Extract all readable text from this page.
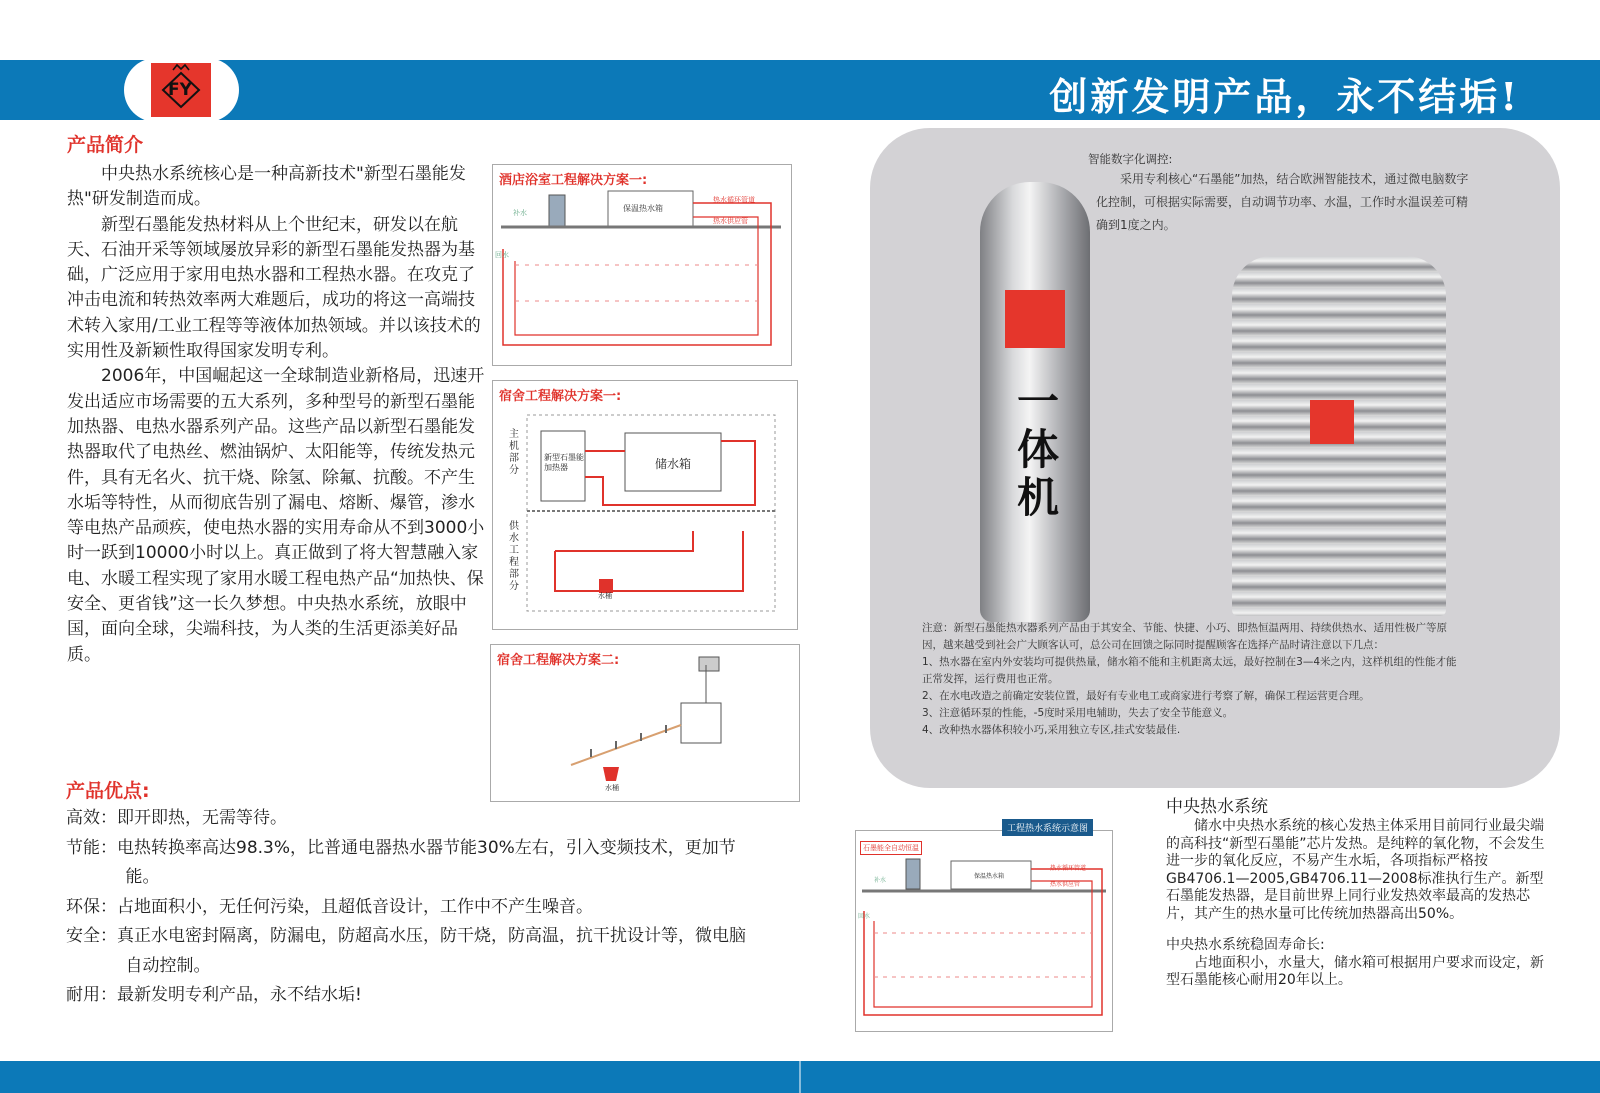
FY	创新发明产品，永不结垢!
产品简介

中央热水系统核心是一种高新技术"新型石墨能发热"研发制造而成。

新型石墨能发热材料从上个世纪末，研发以在航天、石油开采等领域屡放异彩的新型石墨能发热器为基础，广泛应用于家用电热水器和工程热水器。在攻克了冲击电流和转热效率两大难题后，成功的将这一高端技术转入家用/工业工程等等液体加热领域。并以该技术的实用性及新颖性取得国家发明专利。

2006年，中国崛起这一全球制造业新格局，迅速开发出适应市场需要的五大系列，多种型号的新型石墨能加热器、电热水器系列产品。这些产品以新型石墨能发热器取代了电热丝、燃油锅炉、太阳能等，传统发热元件，具有无名火、抗干烧、除氢、除氟、抗酸。不产生水垢等特性，从而彻底告别了漏电、熔断、爆管，渗水等电热产品顽疾，使电热水器的实用寿命从不到3000小时一跃到10000小时以上。真正做到了将大智慧融入家电、水暖工程实现了家用水暖工程电热产品“加热快、保安全、更省钱”这一长久梦想。中央热水系统，放眼中国，面向全球，尖端科技，为人类的生活更添美好品质。

酒店浴室工程解决方案一:
保温热水箱
热水循环管道
热水供应管
补水
回水
宿舍工程解决方案一:
主机部分
供水工程部分
新型石墨能加热器	储水箱
水桶
宿舍工程解决方案二:
水桶
产品优点:

高效：即开即热，无需等待。

节能：电热转换率高达98.3%，比普通电器热水器节能30%左右，引入变频技术，更加节能。

环保：占地面积小，无任何污染，且超低音设计，工作中不产生噪音。

安全：真正水电密封隔离，防漏电，防超高水压，防干烧，防高温，抗干扰设计等，微电脑自动控制。

耐用：最新发明专利产品，永不结水垢!

一体机
智能数字化调控:
采用专利核心“石墨能”加热，结合欧洲智能技术，通过微电脑数字化控制，可根据实际需要，自动调节功率、水温，工作时水温误差可精确到1度之内。
注意：新型石墨能热水器系列产品由于其安全、节能、快捷、小巧、即热恒温两用、持续供热水、适用性极广等原因，越来越受到社会广大顾客认可，总公司在回馈之际同时提醒顾客在选择产品时请注意以下几点：
1、热水器在室内外安装均可提供热量，储水箱不能和主机距离太远，最好控制在3—4米之内，这样机组的性能才能正常发挥，运行费用也正常。
2、在水电改造之前确定安装位置，最好有专业电工或商家进行考察了解，确保工程运营更合理。
3、注意循环泵的性能，-5度时采用电辅助，失去了安全节能意义。
4、改种热水器体积较小巧,采用独立专区,挂式安装最佳.
工程热水系统示意图
石墨能全自动恒温
保温热水箱
热水循环管道
热水供应管
补水
回水
中央热水系统

储水中央热水系统的核心发热主体采用目前同行业最尖端的高科技“新型石墨能”芯片发热。是纯粹的氧化物，不会发生进一步的氧化反应，不易产生水垢，各项指标严格按GB4706.1—2005,GB4706.11—2008标准执行生产。新型石墨能发热器，是目前世界上同行业发热效率最高的发热芯片，其产生的热水量可比传统加热器高出50%。

中央热水系统稳固寿命长:

占地面积小，水量大，储水箱可根据用户要求而设定，新型石墨能核心耐用20年以上。
